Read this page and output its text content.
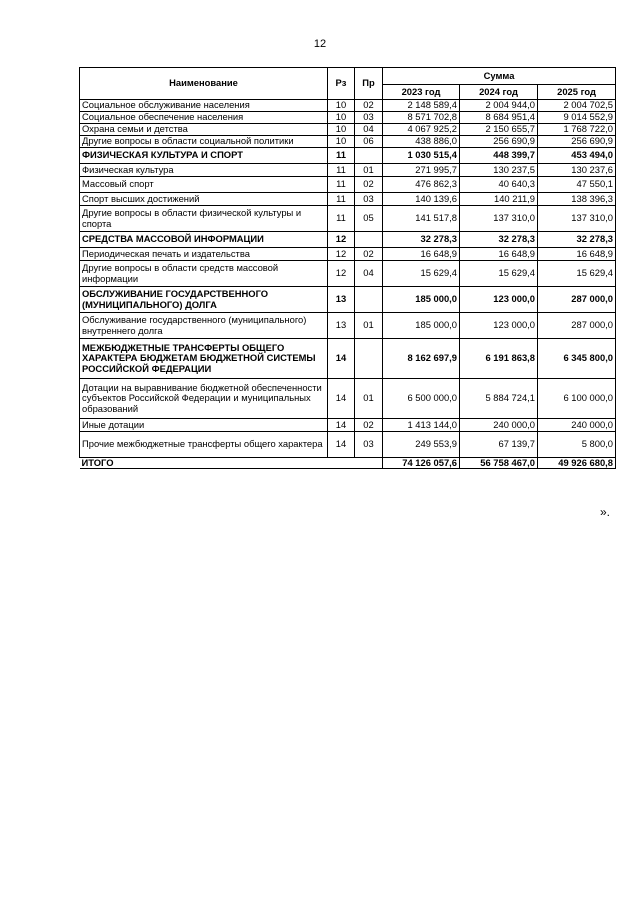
12
Наименование	Рз	Пр	Сумма		
			2023 год	2024 год	2025 год
Социальное обслуживание населения	10	02	2 148 589,4	2 004 944,0	2 004 702,5
Социальное обеспечение населения	10	03	8 571 702,8	8 684 951,4	9 014 552,9
Охрана семьи и детства	10	04	4 067 925,2	2 150 655,7	1 768 722,0
Другие вопросы в области социальной политики	10	06	438 886,0	256 690,9	256 690,9
ФИЗИЧЕСКАЯ КУЛЬТУРА И СПОРТ	11		1 030 515,4	448 399,7	453 494,0
Физическая культура	11	01	271 995,7	130 237,5	130 237,6
Массовый спорт	11	02	476 862,3	40 640,3	47 550,1
Спорт высших достижений	11	03	140 139,6	140 211,9	138 396,3
Другие вопросы в области физической культуры и спорта	11	05	141 517,8	137 310,0	137 310,0
СРЕДСТВА МАССОВОЙ ИНФОРМАЦИИ	12		32 278,3	32 278,3	32 278,3
Периодическая печать и издательства	12	02	16 648,9	16 648,9	16 648,9
Другие вопросы в области средств массовой информации	12	04	15 629,4	15 629,4	15 629,4
ОБСЛУЖИВАНИЕ ГОСУДАРСТВЕННОГО (МУНИЦИПАЛЬНОГО) ДОЛГА	13		185 000,0	123 000,0	287 000,0
Обслуживание государственного (муниципального) внутреннего долга	13	01	185 000,0	123 000,0	287 000,0
МЕЖБЮДЖЕТНЫЕ ТРАНСФЕРТЫ ОБЩЕГО ХАРАКТЕРА БЮДЖЕТАМ БЮДЖЕТНОЙ СИСТЕМЫ РОССИЙСКОЙ ФЕДЕРАЦИИ	14		8 162 697,9	6 191 863,8	6 345 800,0
Дотации на выравнивание бюджетной обеспеченности субъектов Российской Федерации и муниципальных образований	14	01	6 500 000,0	5 884 724,1	6 100 000,0
Иные дотации	14	02	1 413 144,0	240 000,0	240 000,0
Прочие межбюджетные трансферты общего характера	14	03	249 553,9	67 139,7	5 800,0
ИТОГО			74 126 057,6	56 758 467,0	49 926 680,8
».
